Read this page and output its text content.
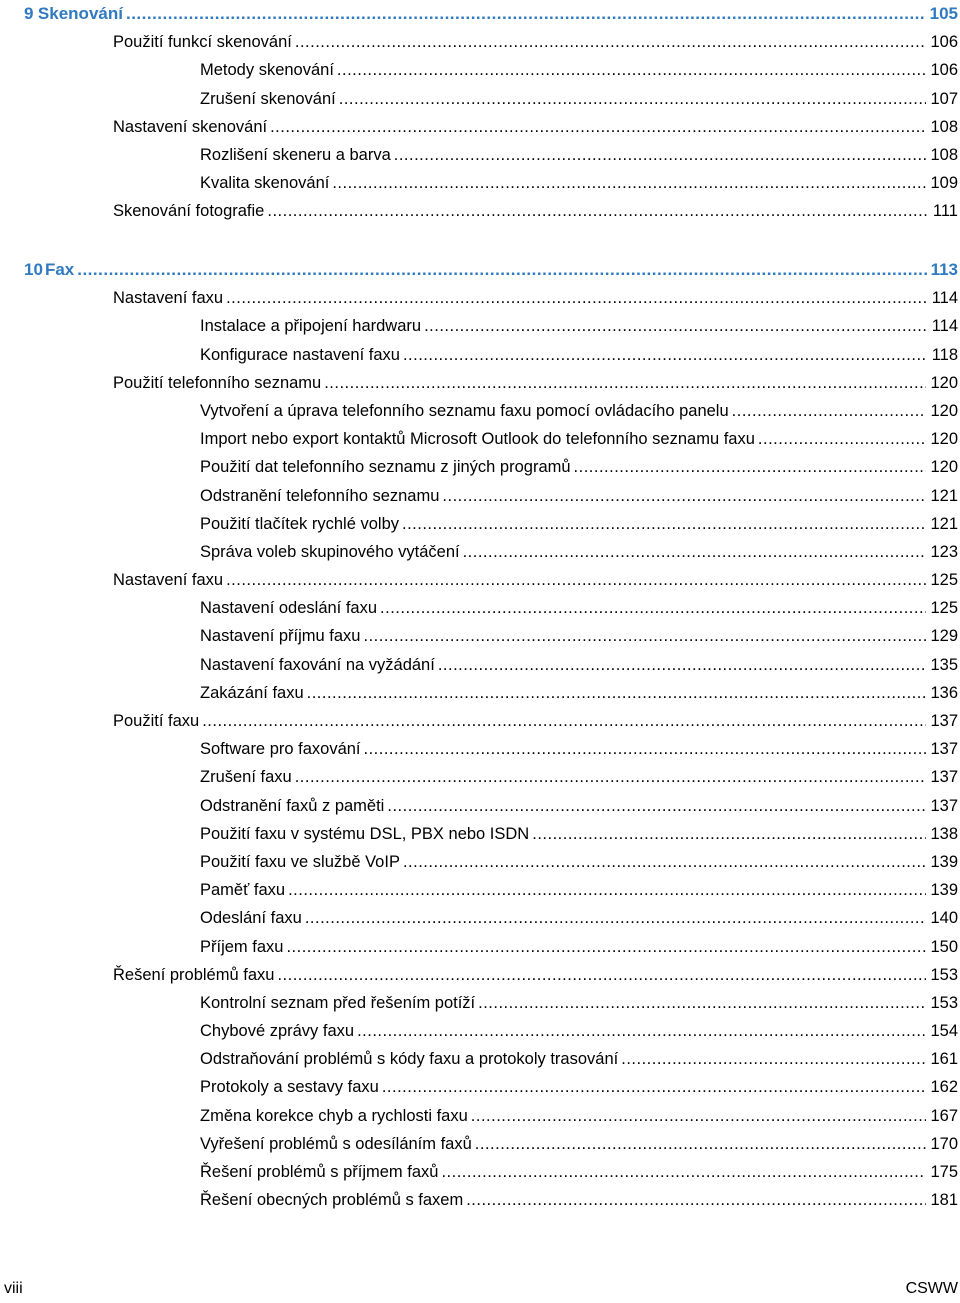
9 Skenování .....	105
Použití funkcí skenování .....	106
Metody skenování .....	106
Zrušení skenování .....	107
Nastavení skenování .....	108
Rozlišení skeneru a barva .....	108
Kvalita skenování .....	109
Skenování fotografie .....	111
10 Fax .....	113
Nastavení faxu .....	114
Instalace a připojení hardwaru .....	114
Konfigurace nastavení faxu .....	118
Použití telefonního seznamu .....	120
Vytvoření a úprava telefonního seznamu faxu pomocí ovládacího panelu .....	120
Import nebo export kontaktů Microsoft Outlook do telefonního seznamu faxu .....	120
Použití dat telefonního seznamu z jiných programů .....	120
Odstranění telefonního seznamu .....	121
Použití tlačítek rychlé volby .....	121
Správa voleb skupinového vytáčení .....	123
Nastavení faxu .....	125
Nastavení odeslání faxu .....	125
Nastavení příjmu faxu .....	129
Nastavení faxování na vyžádání .....	135
Zakázání faxu .....	136
Použití faxu .....	137
Software pro faxování .....	137
Zrušení faxu .....	137
Odstranění faxů z paměti .....	137
Použití faxu v systému DSL, PBX nebo ISDN .....	138
Použití faxu ve službě VoIP .....	139
Paměť faxu .....	139
Odeslání faxu .....	140
Příjem faxu .....	150
Řešení problémů faxu .....	153
Kontrolní seznam před řešením potíží .....	153
Chybové zprávy faxu .....	154
Odstraňování problémů s kódy faxu a protokoly trasování .....	161
Protokoly a sestavy faxu .....	162
Změna korekce chyb a rychlosti faxu .....	167
Vyřešení problémů s odesíláním faxů .....	170
Řešení problémů s příjmem faxů .....	175
Řešení obecných problémů s faxem .....	181
viii	CSWW
